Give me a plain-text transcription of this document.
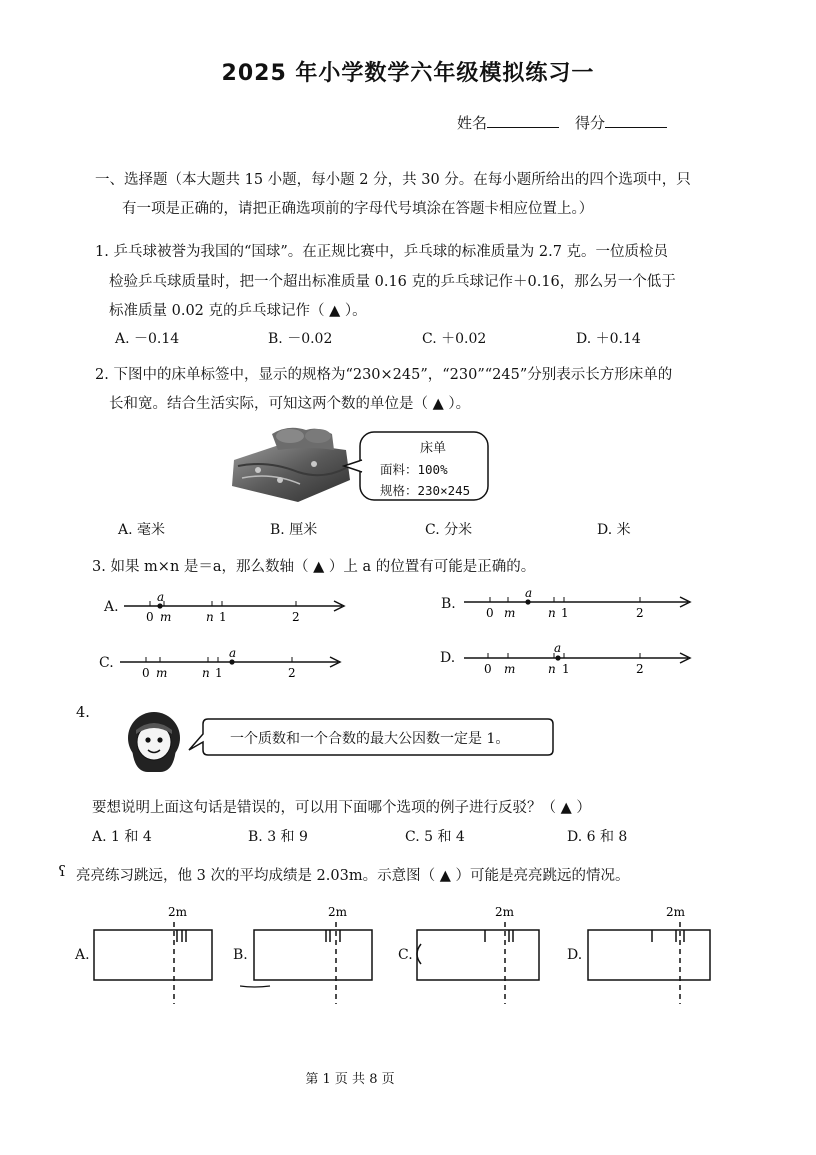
2025 年小学数学六年级模拟练习一
姓名	得分
一、选择题（本大题共 15 小题，每小题 2 分，共 30 分。在每小题所给出的四个选项中，只
有一项是正确的，请把正确选项前的字母代号填涂在答题卡相应位置上。）
1. 乒乓球被誉为我国的“国球”。在正规比赛中，乒乓球的标准质量为 2.7 克。一位质检员
检验乒乓球质量时，把一个超出标准质量 0.16 克的乒乓球记作＋0.16，那么另一个低于
标准质量 0.02 克的乒乓球记作（ ▲ ）。
A. －0.14	B. －0.02	C. ＋0.02	D. ＋0.14
2. 下图中的床单标签中，显示的规格为“230×245”，“230”“245”分别表示长方形床单的
长和宽。结合生活实际，可知这两个数的单位是（ ▲ ）。
床单
面料：100%
规格：230×245
A. 毫米	B. 厘米	C. 分米	D. 米
3. 如果 m×n 是＝a，那么数轴（ ▲ ）上 a 的位置有可能是正确的。
A.
a
0 m	n 1	2
B.
a
0 m	n 1	2
C.
a
0 m	n 1	2
D.
a
0 m	n 1	2
4.
一个质数和一个合数的最大公因数一定是 1。
要想说明上面这句话是错误的，可以用下面哪个选项的例子进行反驳？（ ▲ ）
A. 1 和 4	B. 3 和 9	C. 5 和 4	D. 6 和 8
ʕ 亮亮练习跳远，他 3 次的平均成绩是 2.03m。示意图（ ▲ ）可能是亮亮跳远的情况。
A.
2m
B.
2m
C.
2m
D.
2m
第 1 页 共 8 页
